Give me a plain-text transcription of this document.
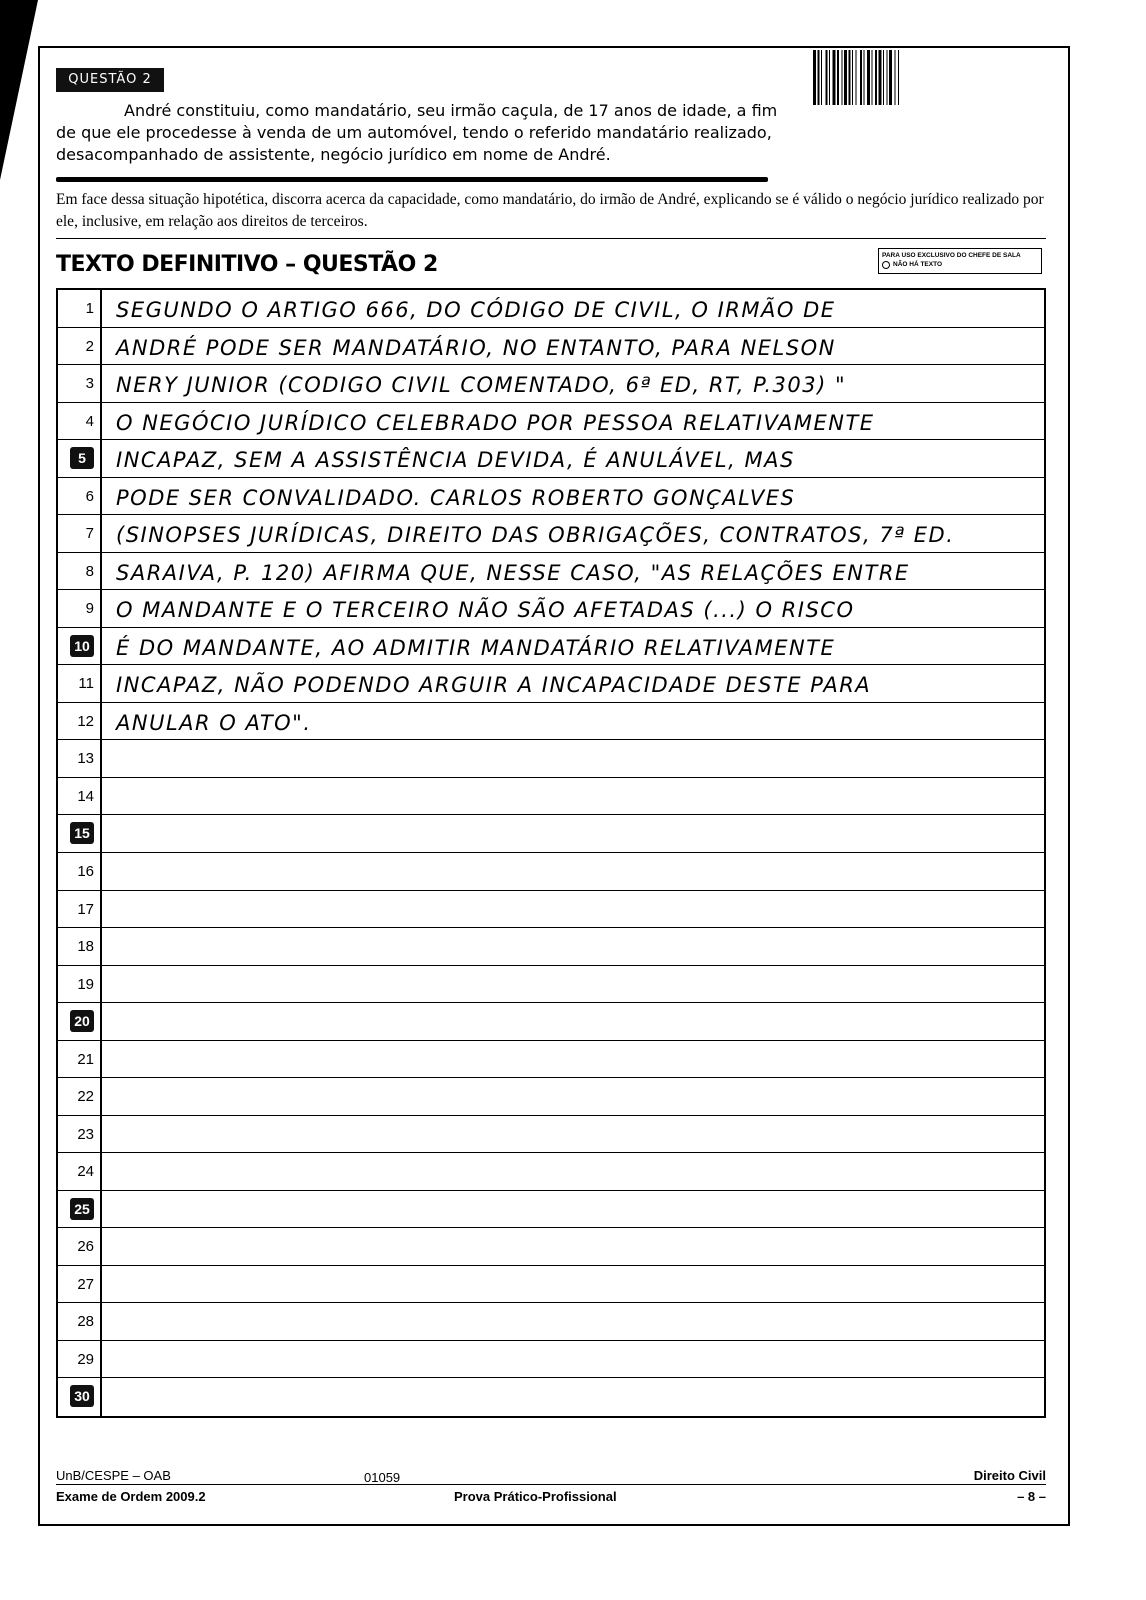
QUESTÃO 2

André constituiu, como mandatário, seu irmão caçula, de 17 anos de idade, a fim de que ele procedesse à venda de um automóvel, tendo o referido mandatário realizado, desacompanhado de assistente, negócio jurídico em nome de André.

Em face dessa situação hipotética, discorra acerca da capacidade, como mandatário, do irmão de André, explicando se é válido o negócio jurídico realizado por ele, inclusive, em relação aos direitos de terceiros.
TEXTO DEFINITIVO – QUESTÃO 2	PARA USO EXCLUSIVO DO CHEFE DE SALA
NÃO HÁ TEXTO
1	SEGUNDO O ARTIGO 666, DO CÓDIGO DE CIVIL, O IRMÃO DE
2	ANDRÉ PODE SER MANDATÁRIO, NO ENTANTO, PARA NELSON
3	NERY JUNIOR (CODIGO CIVIL COMENTADO, 6ª ED, RT, P.303) "
4	O NEGÓCIO JURÍDICO CELEBRADO POR PESSOA RELATIVAMENTE
5	INCAPAZ, SEM A ASSISTÊNCIA DEVIDA, É ANULÁVEL, MAS
6	PODE SER CONVALIDADO. CARLOS ROBERTO GONÇALVES
7	(SINOPSES JURÍDICAS, DIREITO DAS OBRIGAÇÕES, CONTRATOS, 7ª ED.
8	SARAIVA, P. 120) AFIRMA QUE, NESSE CASO, "AS RELAÇÕES ENTRE
9	O MANDANTE E O TERCEIRO NÃO SÃO AFETADAS (...) O RISCO
10	É DO MANDANTE, AO ADMITIR MANDATÁRIO RELATIVAMENTE
11	INCAPAZ, NÃO PODENDO ARGUIR A INCAPACIDADE DESTE PARA
12	ANULAR O ATO".
13
14
15
16
17
18
19
20
21
22
23
24
25
26
27
28
29
30
UnB/CESPE – OAB
Exame de Ordem 2009.2
01059
Prova Prático-Profissional
Direito Civil
– 8 –
